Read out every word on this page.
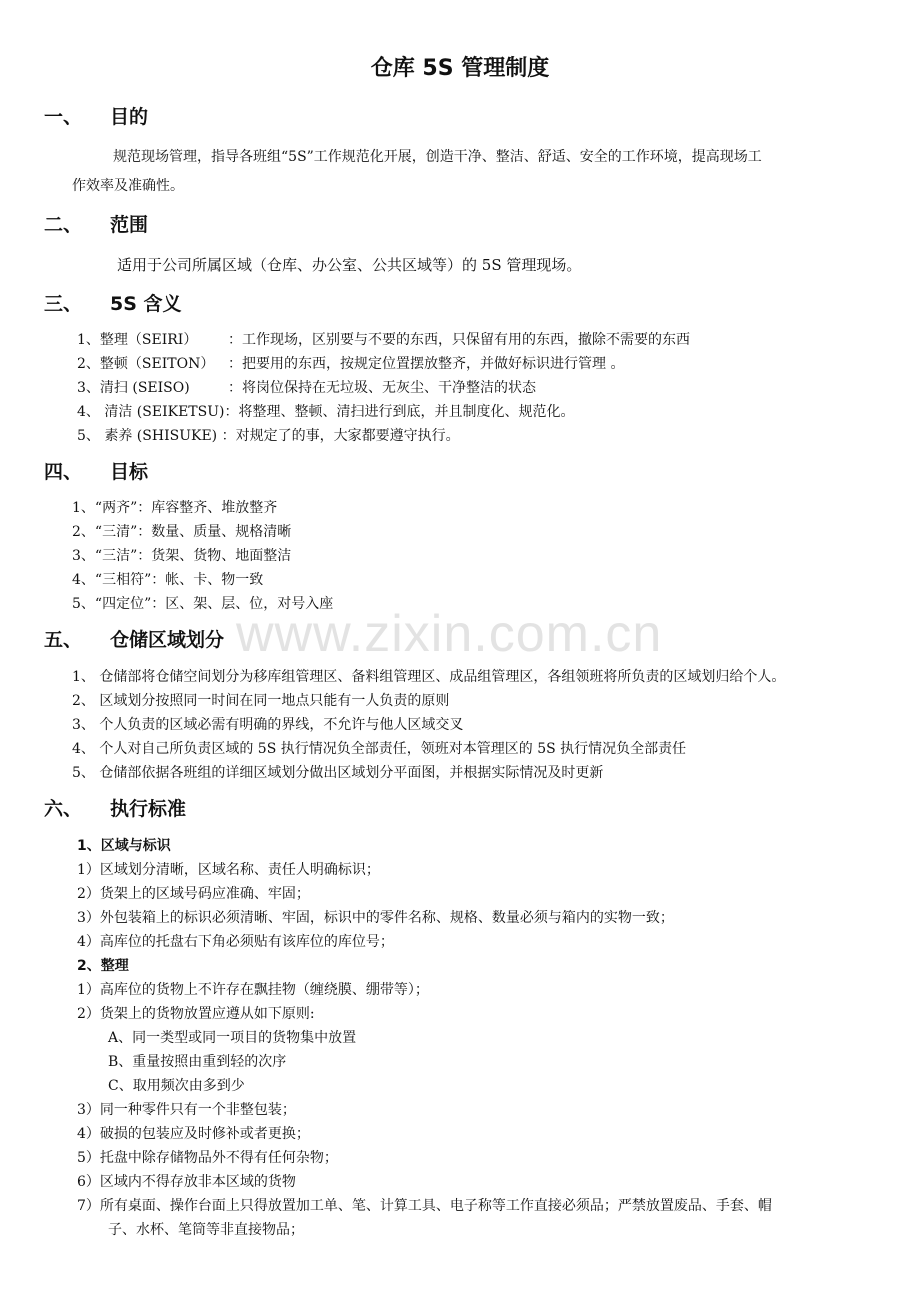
www.zixin.com.cn
仓库 5S 管理制度
一、 目的
规范现场管理，指导各班组“5S”工作规范化开展，创造干净、整洁、舒适、安全的工作环境，提高现场工
作效率及准确性。
二、 范围
适用于公司所属区域（仓库、办公室、公共区域等）的 5S 管理现场。
三、 5S 含义
1、整理（SEIRI） ：工作现场，区别要与不要的东西，只保留有用的东西，撤除不需要的东西
2、整顿（SEITON） ：把要用的东西，按规定位置摆放整齐，并做好标识进行管理 。
3、清扫 (SEISO)	：将岗位保持在无垃圾、无灰尘、干净整洁的状态
4、 清洁 (SEIKETSU)：将整理、整顿、清扫进行到底，并且制度化、规范化。
5、 素养 (SHISUKE) ：对规定了的事，大家都要遵守执行。
四、 目标
1、“两齐”：库容整齐、堆放整齐
2、“三清”：数量、质量、规格清晰
3、“三洁”：货架、货物、地面整洁
4、“三相符”：帐、卡、物一致
5、“四定位”：区、架、层、位，对号入座
五、 仓储区域划分
1、 仓储部将仓储空间划分为移库组管理区、备料组管理区、成品组管理区，各组领班将所负责的区域划归给个人。
2、 区域划分按照同一时间在同一地点只能有一人负责的原则
3、 个人负责的区域必需有明确的界线，不允许与他人区域交叉
4、 个人对自己所负责区域的 5S 执行情况负全部责任，领班对本管理区的 5S 执行情况负全部责任
5、 仓储部依据各班组的详细区域划分做出区域划分平面图，并根据实际情况及时更新
六、 执行标准
1、区域与标识
1）区域划分清晰，区域名称、责任人明确标识；
2）货架上的区域号码应准确、牢固；
3）外包装箱上的标识必须清晰、牢固，标识中的零件名称、规格、数量必须与箱内的实物一致；
4）高库位的托盘右下角必须贴有该库位的库位号；
2、整理
1）高库位的货物上不许存在飘挂物（缠绕膜、绷带等）；
2）货架上的货物放置应遵从如下原则:
A、同一类型或同一项目的货物集中放置
B、重量按照由重到轻的次序
C、取用频次由多到少
3）同一种零件只有一个非整包装；
4）破损的包装应及时修补或者更换；
5）托盘中除存储物品外不得有任何杂物；
6）区域内不得存放非本区域的货物
7）所有桌面、操作台面上只得放置加工单、笔、计算工具、电子称等工作直接必须品；严禁放置废品、手套、帽
子、水杯、笔筒等非直接物品；
